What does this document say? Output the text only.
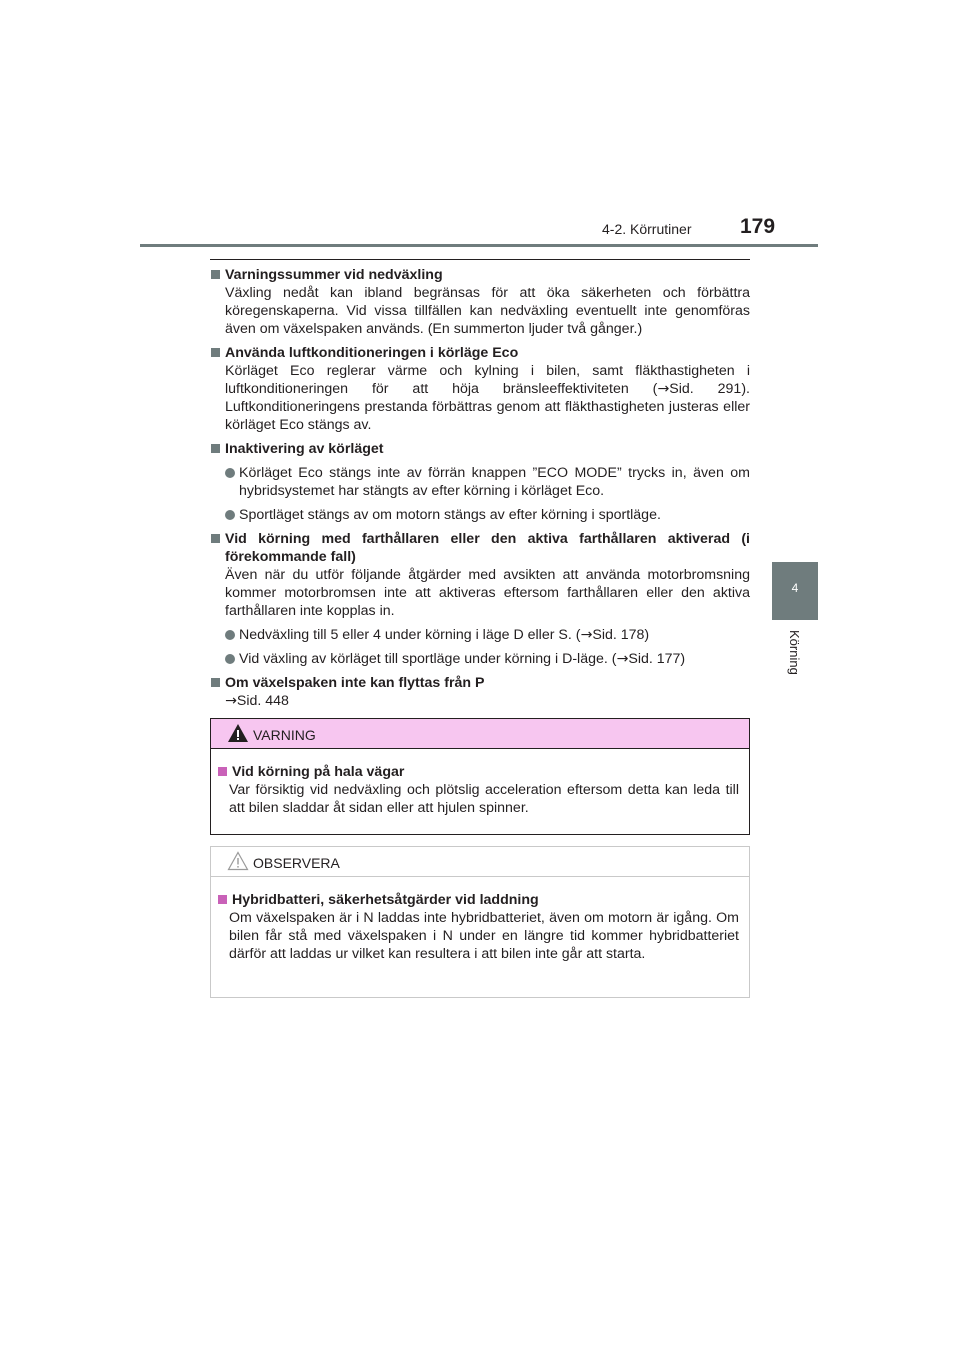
4-2. Körrutiner 179
4
Körning
Varningssummer vid nedväxling
Växling nedåt kan ibland begränsas för att öka säkerheten och förbättra köregenskaperna. Vid vissa tillfällen kan nedväxling eventuellt inte genomföras även om växelspaken används. (En summerton ljuder två gånger.)
Använda luftkonditioneringen i körläge Eco
Körläget Eco reglerar värme och kylning i bilen, samt fläkthastigheten i luftkonditioneringen för att höja bränsleeffektiviteten (→Sid. 291). Luftkonditioneringens prestanda förbättras genom att fläkthastigheten justeras eller körläget Eco stängs av.
Inaktivering av körläget
Körläget Eco stängs inte av förrän knappen ”ECO MODE” trycks in, även om hybridsystemet har stängts av efter körning i körläget Eco.
Sportläget stängs av om motorn stängs av efter körning i sportläge.
Vid körning med farthållaren eller den aktiva farthållaren aktiverad (i förekommande fall)
Även när du utför följande åtgärder med avsikten att använda motorbromsning kommer motorbromsen inte att aktiveras eftersom farthållaren eller den aktiva farthållaren inte kopplas in.
Nedväxling till 5 eller 4 under körning i läge D eller S. (→Sid. 178)
Vid växling av körläget till sportläge under körning i D-läge. (→Sid. 177)
Om växelspaken inte kan flyttas från P
→Sid. 448
VARNING
Vid körning på hala vägar
Var försiktig vid nedväxling och plötslig acceleration eftersom detta kan leda till att bilen sladdar åt sidan eller att hjulen spinner.
OBSERVERA
Hybridbatteri, säkerhetsåtgärder vid laddning
Om växelspaken är i N laddas inte hybridbatteriet, även om motorn är igång. Om bilen får stå med växelspaken i N under en längre tid kommer hybridbatteriet därför att laddas ur vilket kan resultera i att bilen inte går att starta.
